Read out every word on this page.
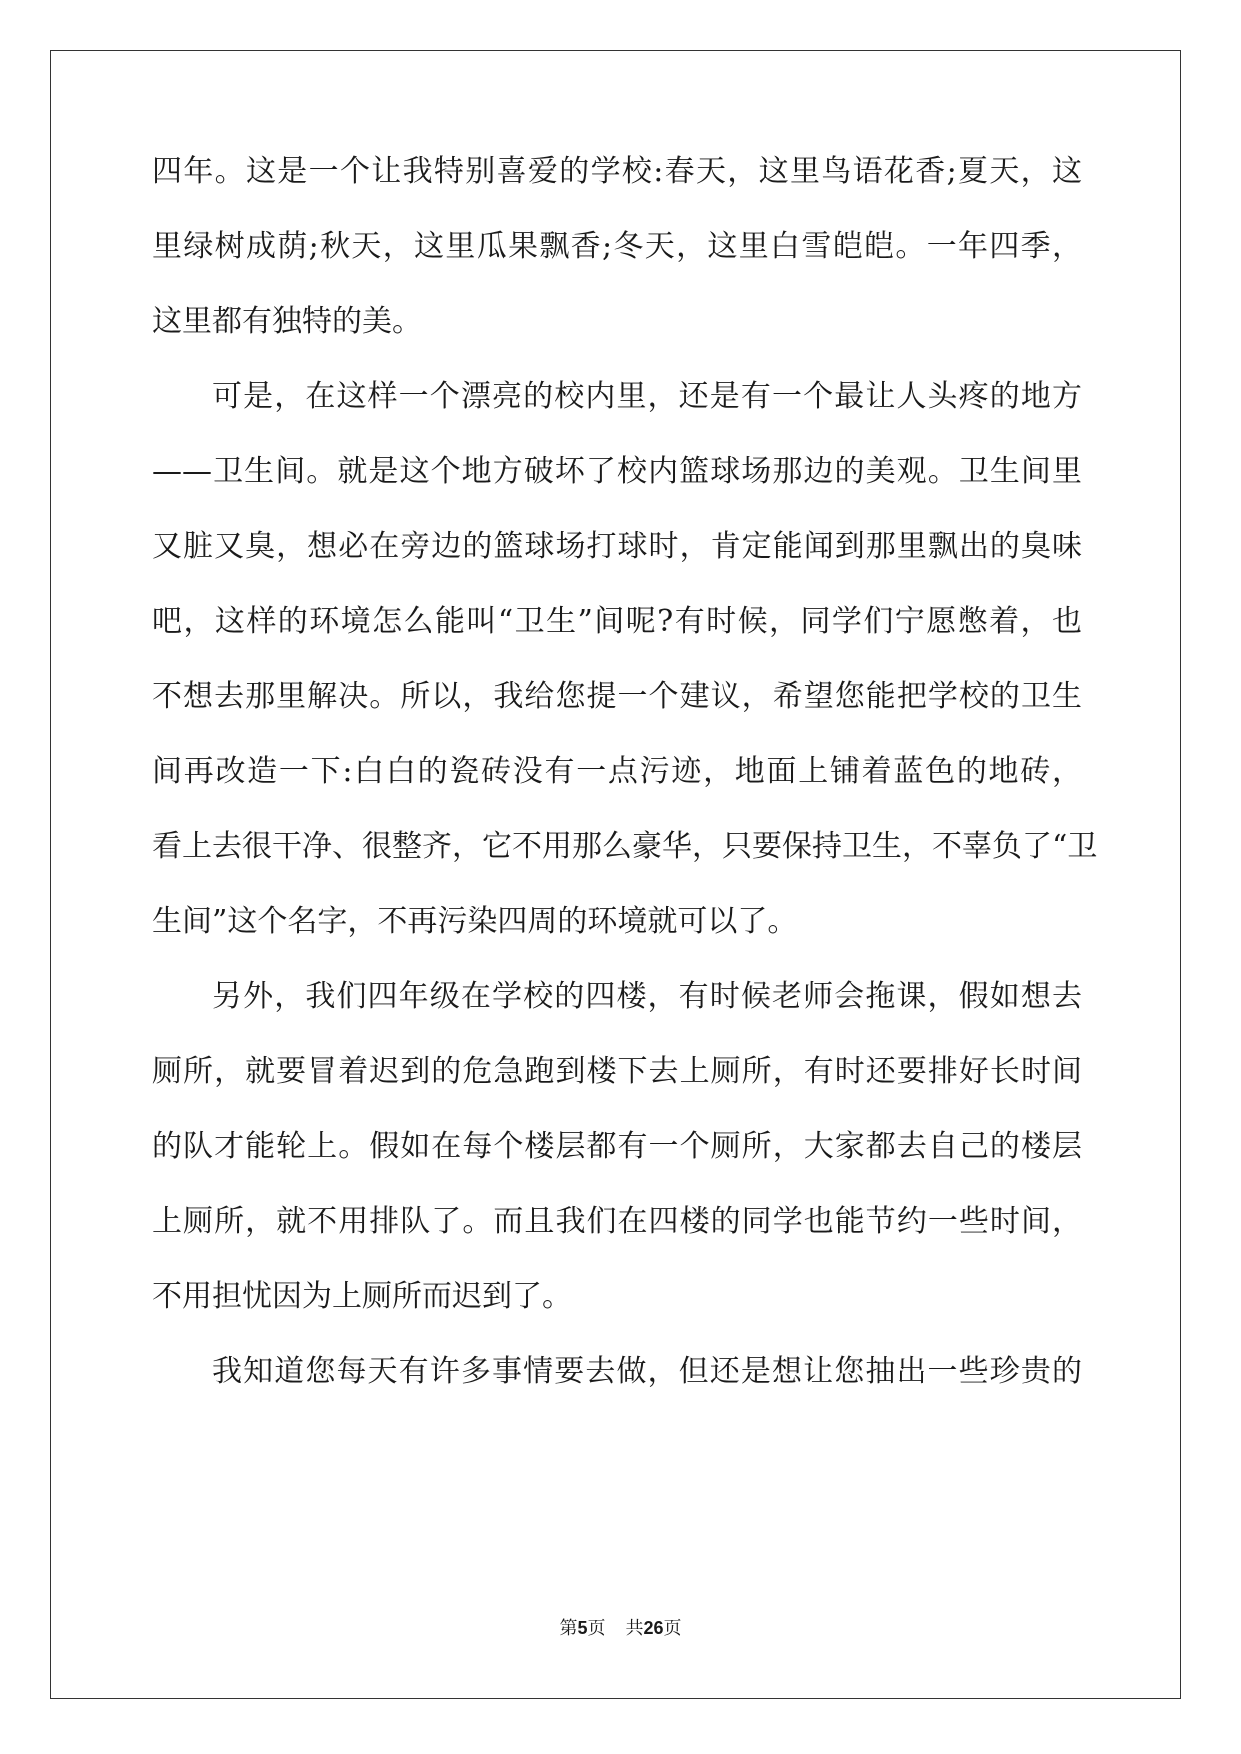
四年。这是一个让我特别喜爱的学校:春天，这里鸟语花香;夏天，这
里绿树成荫;秋天，这里瓜果飘香;冬天，这里白雪皑皑。一年四季，
这里都有独特的美。
可是，在这样一个漂亮的校内里，还是有一个最让人头疼的地方
——卫生间。就是这个地方破坏了校内篮球场那边的美观。卫生间里
又脏又臭，想必在旁边的篮球场打球时，肯定能闻到那里飘出的臭味
吧，这样的环境怎么能叫“卫生”间呢?有时候，同学们宁愿憋着，也
不想去那里解决。所以，我给您提一个建议，希望您能把学校的卫生
间再改造一下:白白的瓷砖没有一点污迹，地面上铺着蓝色的地砖，
看上去很干净、很整齐，它不用那么豪华，只要保持卫生，不辜负了“卫
生间”这个名字，不再污染四周的环境就可以了。
另外，我们四年级在学校的四楼，有时候老师会拖课，假如想去
厕所，就要冒着迟到的危急跑到楼下去上厕所，有时还要排好长时间
的队才能轮上。假如在每个楼层都有一个厕所，大家都去自己的楼层
上厕所，就不用排队了。而且我们在四楼的同学也能节约一些时间，
不用担忧因为上厕所而迟到了。
我知道您每天有许多事情要去做，但还是想让您抽出一些珍贵的
第5页 共26页
